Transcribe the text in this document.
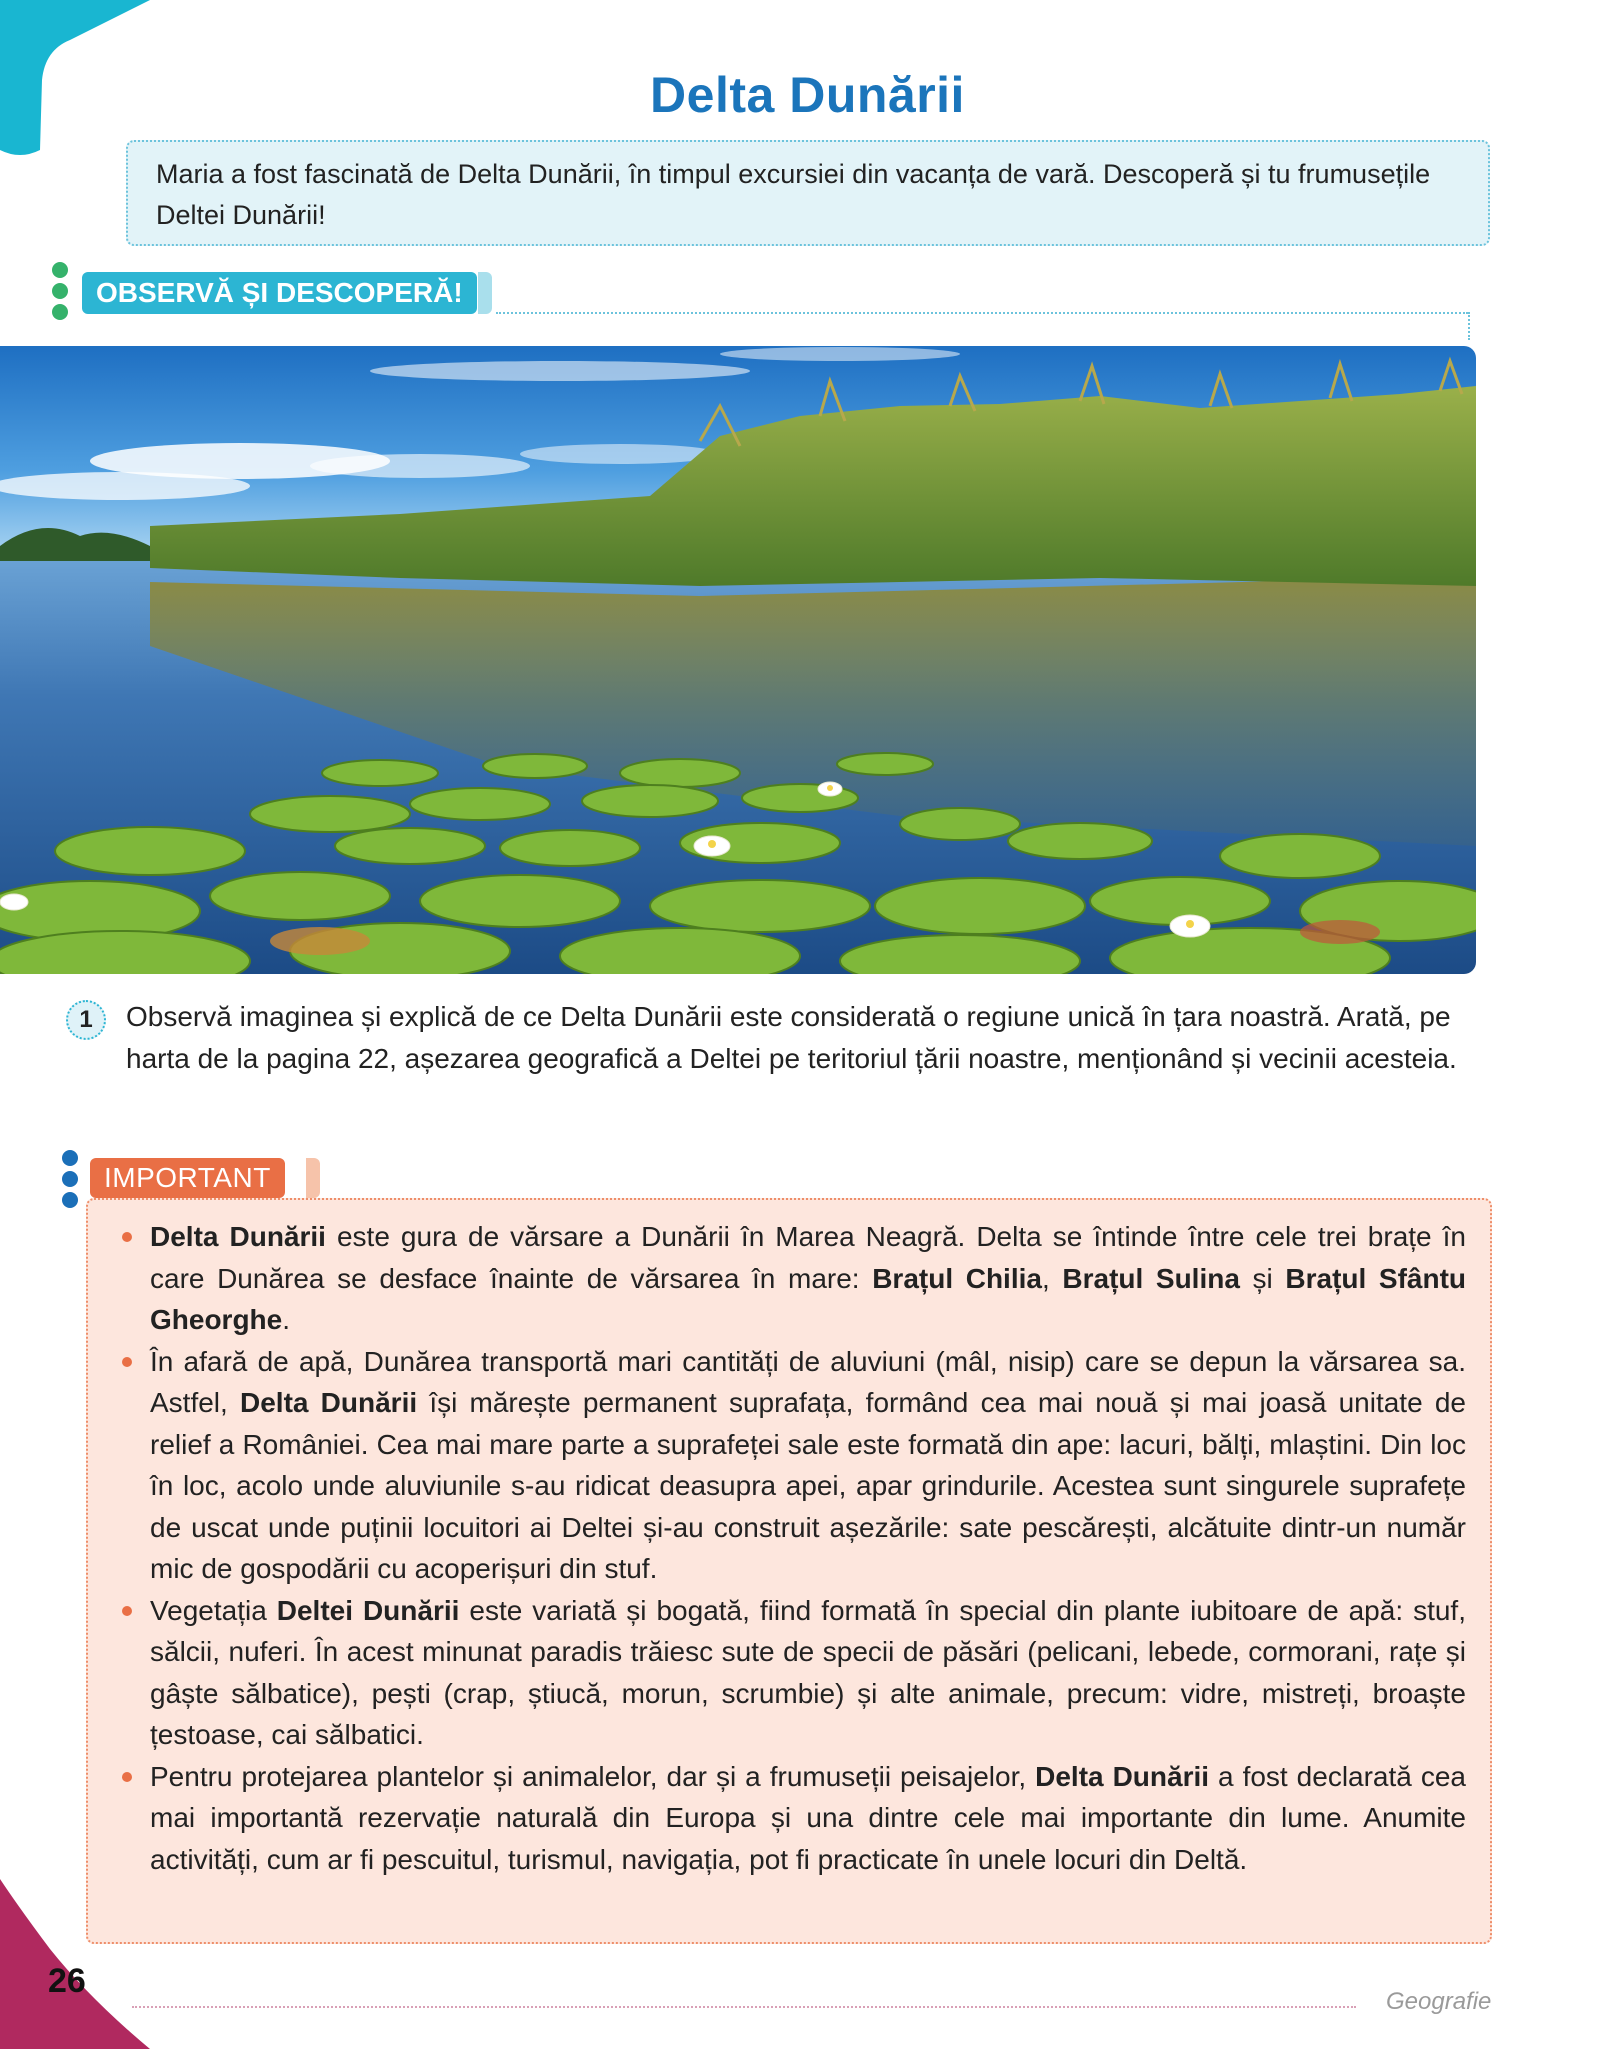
Delta Dunării
Maria a fost fascinată de Delta Dunării, în timpul excursiei din vacanța de vară. Descoperă și tu frumusețile Deltei Dunării!
OBSERVĂ ȘI DESCOPERĂ!
1	Observă imaginea și explică de ce Delta Dunării este considerată o regiune unică în țara noastră. Arată, pe harta de la pagina 22, așezarea geografică a Deltei pe teritoriul țării noastre, menționând și vecinii acesteia.
IMPORTANT
Delta Dunării este gura de vărsare a Dunării în Marea Neagră. Delta se întinde între cele trei brațe în care Dunărea se desface înainte de vărsarea în mare: Brațul Chilia, Brațul Sulina și Brațul Sfântu Gheorghe.
În afară de apă, Dunărea transportă mari cantități de aluviuni (mâl, nisip) care se depun la vărsarea sa. Astfel, Delta Dunării își mărește permanent suprafața, formând cea mai nouă și mai joasă unitate de relief a României. Cea mai mare parte a suprafeței sale este formată din ape: lacuri, bălți, mlaștini. Din loc în loc, acolo unde aluviunile s-au ridicat deasupra apei, apar grindurile. Acestea sunt singurele suprafețe de uscat unde puținii locuitori ai Deltei și-au construit așezările: sate pescărești, alcătuite dintr-un număr mic de gospodării cu acoperișuri din stuf.
Vegetația Deltei Dunării este variată și bogată, fiind formată în special din plante iubitoare de apă: stuf, sălcii, nuferi. În acest minunat paradis trăiesc sute de specii de păsări (pelicani, lebede, cormorani, rațe și gâște sălbatice), pești (crap, știucă, morun, scrumbie) și alte animale, precum: vidre, mistreți, broaște țestoase, cai sălbatici.
Pentru protejarea plantelor și animalelor, dar și a frumuseții peisajelor, Delta Dunării a fost declarată cea mai importantă rezervație naturală din Europa și una dintre cele mai importante din lume. Anumite activități, cum ar fi pescuitul, turismul, navigația, pot fi practicate în unele locuri din Deltă.
26
Geografie
